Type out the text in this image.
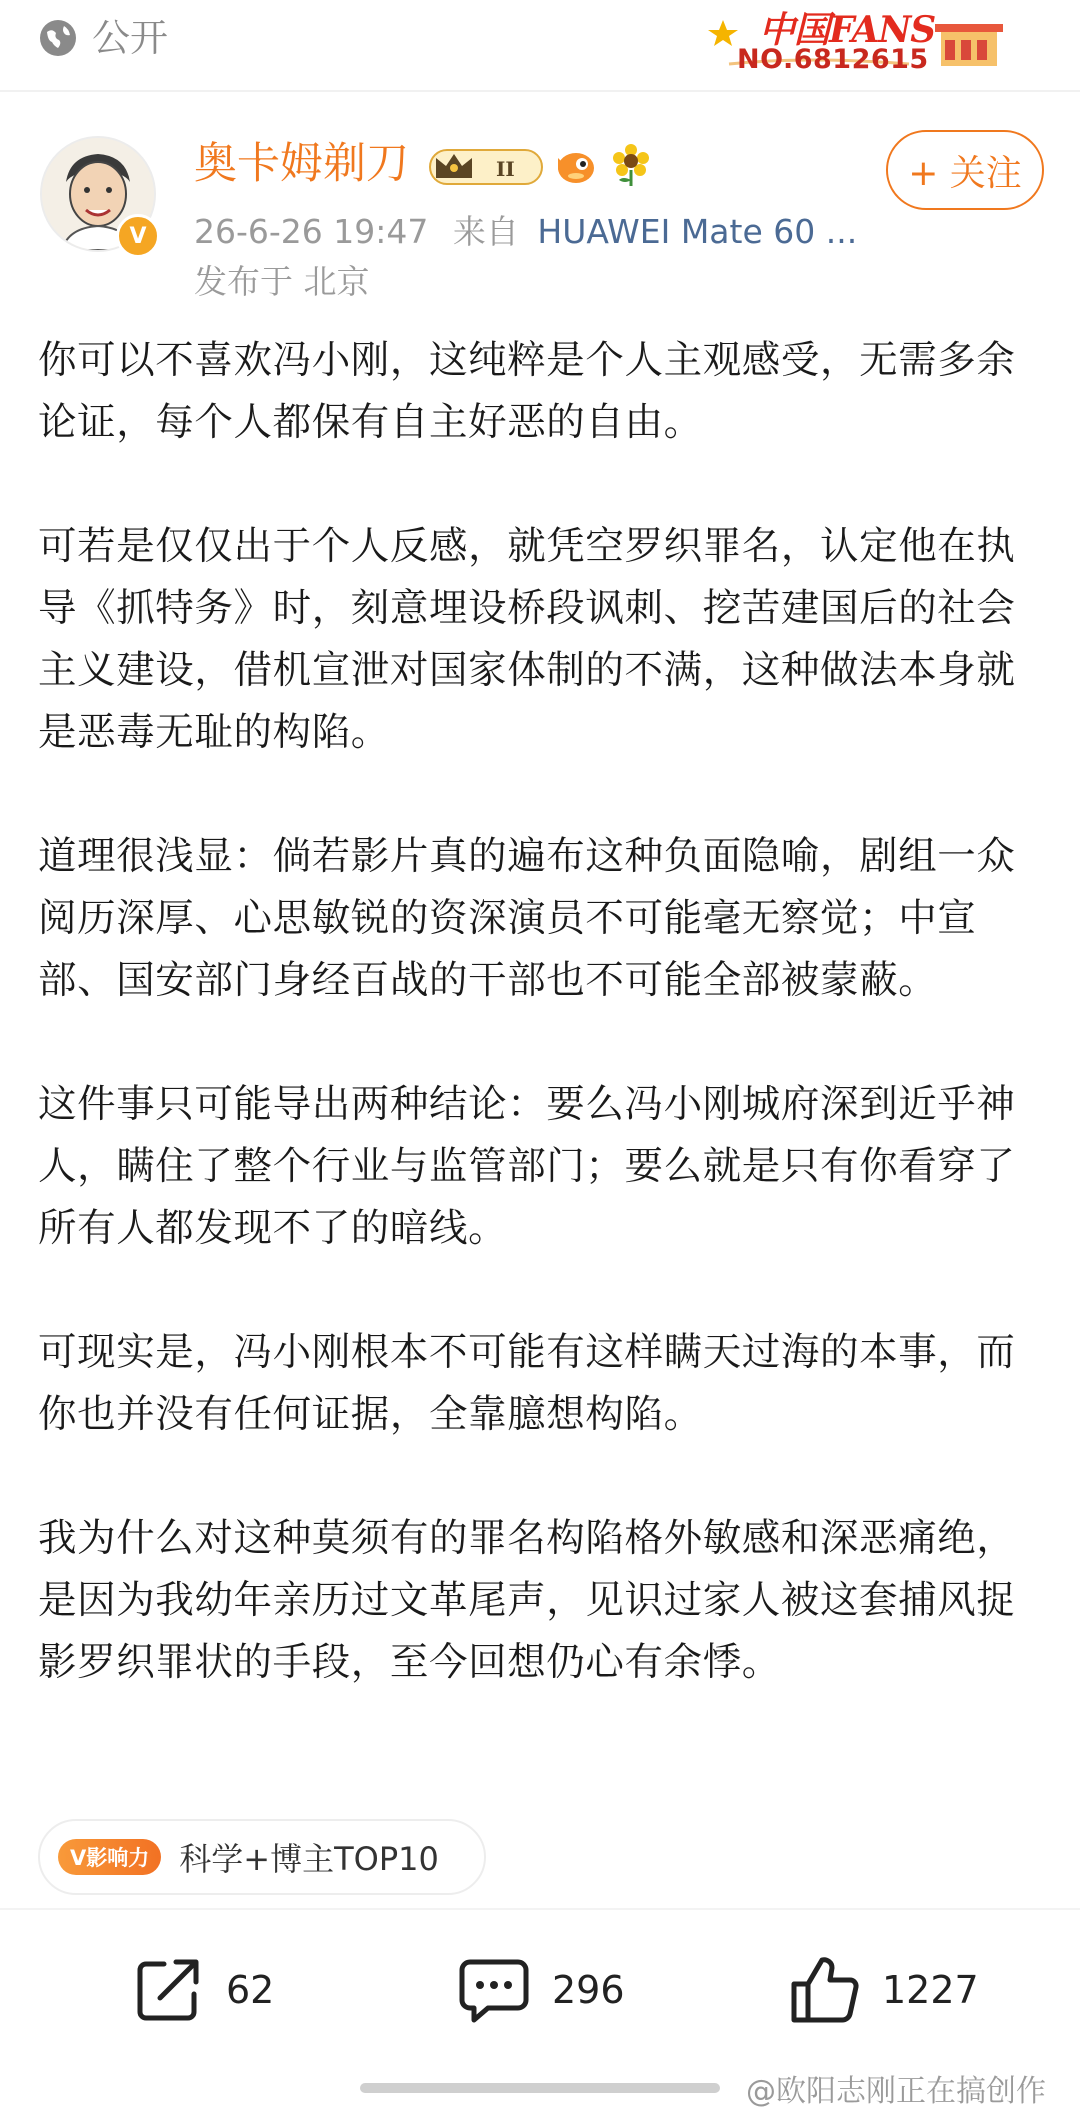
公开	中国FANS
NO.6812615
V
奥卡姆剃刀	II
26-6-26 19:47 来自 HUAWEI Mate 60 ...
发布于 北京
+ 关注

你可以不喜欢冯小刚，这纯粹是个人主观感受，无需多余论证，每个人都保有自主好恶的自由。

可若是仅仅出于个人反感，就凭空罗织罪名，认定他在执导《抓特务》时，刻意埋设桥段讽刺、挖苦建国后的社会主义建设，借机宣泄对国家体制的不满，这种做法本身就是恶毒无耻的构陷。

道理很浅显：倘若影片真的遍布这种负面隐喻，剧组一众阅历深厚、心思敏锐的资深演员不可能毫无察觉；中宣部、国安部门身经百战的干部也不可能全部被蒙蔽。

这件事只可能导出两种结论：要么冯小刚城府深到近乎神人，瞒住了整个行业与监管部门；要么就是只有你看穿了所有人都发现不了的暗线。

可现实是，冯小刚根本不可能有这样瞒天过海的本事，而你也并没有任何证据，全靠臆想构陷。

我为什么对这种莫须有的罪名构陷格外敏感和深恶痛绝，是因为我幼年亲历过文革尾声，见识过家人被这套捕风捉影罗织罪状的手段，至今回想仍心有余悸。

V影响力 科学+博主TOP10
62	296	1227
@欧阳志刚正在搞创作
